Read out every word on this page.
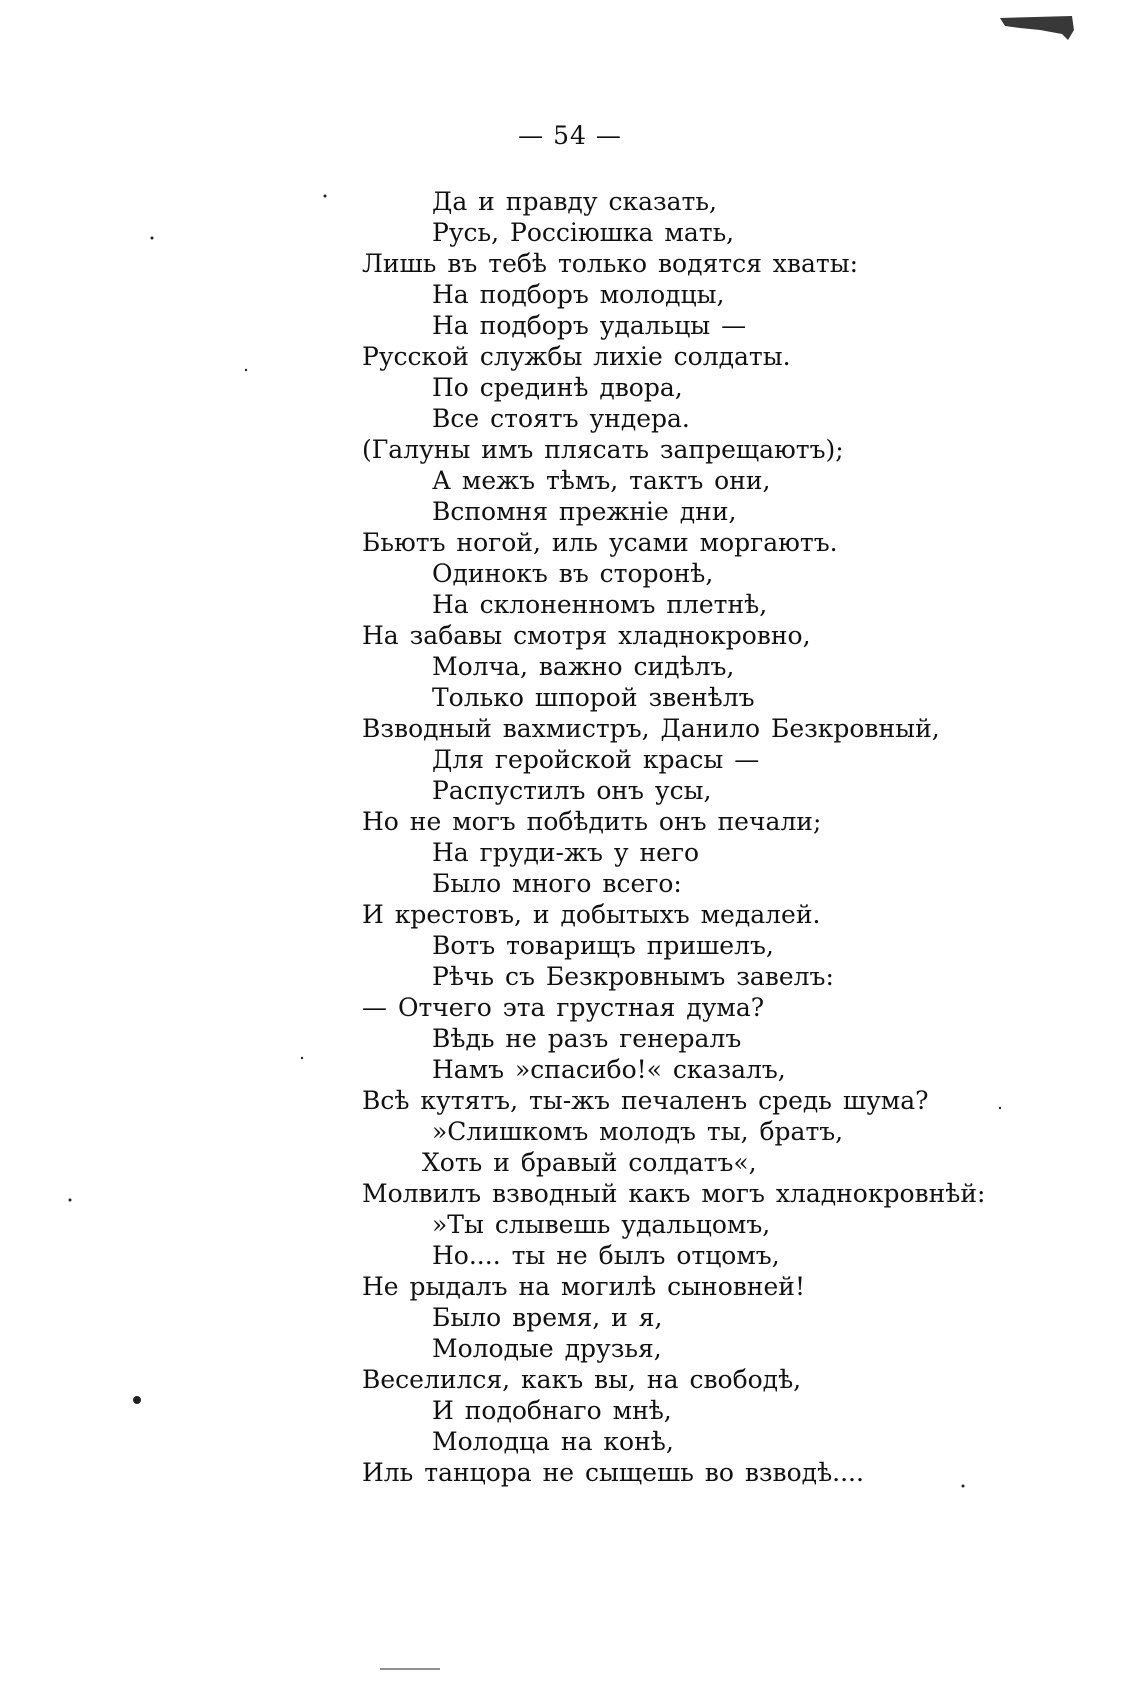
— 54 —
Да и правду сказать,
Русь, Россіюшка мать,
Лишь въ тебѣ только водятся хваты:
На подборъ молодцы,
На подборъ удальцы —
Русской службы лихіе солдаты.
По срединѣ двора,
Все стоятъ ундера.
(Галуны имъ плясать запрещаютъ);
А межъ тѣмъ, тактъ они,
Вспомня прежніе дни,
Бьютъ ногой, иль усами моргаютъ.
Одинокъ въ сторонѣ,
На склоненномъ плетнѣ,
На забавы смотря хладнокровно,
Молча, важно сидѣлъ,
Только шпорой звенѣлъ
Взводный вахмистръ, Данило Безкровный,
Для геройской красы —
Распустилъ онъ усы,
Но не могъ побѣдить онъ печали;
На груди-жъ у него
Было много всего:
И крестовъ, и добытыхъ медалей.
Вотъ товарищъ пришелъ,
Рѣчь съ Безкровнымъ завелъ:
— Отчего эта грустная дума?
Вѣдь не разъ генералъ
Намъ »спасибо!« сказалъ,
Всѣ кутятъ, ты-жъ печаленъ средь шума?
»Слишкомъ молодъ ты, братъ,
Хоть и бравый солдатъ«,
Молвилъ взводный какъ могъ хладнокровнѣй:
»Ты слывешь удальцомъ,
Но.... ты не былъ отцомъ,
Не рыдалъ на могилѣ сыновней!
Было время, и я,
Молодые друзья,
Веселился, какъ вы, на свободѣ,
И подобнаго мнѣ,
Молодца на конѣ,
Иль танцора не сыщешь во взводѣ....
